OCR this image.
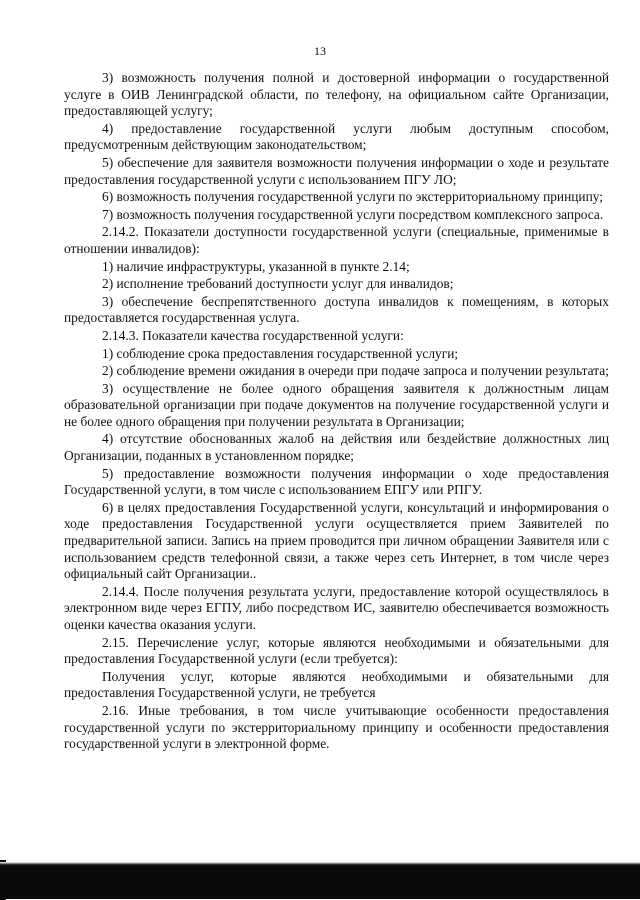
13

3) возможность получения полной и достоверной информации о государственной услуге в ОИВ Ленинградской области, по телефону, на официальном сайте Организации, предоставляющей услугу;

4) предоставление государственной услуги любым доступным способом, предусмотренным действующим законодательством;

5) обеспечение для заявителя возможности получения информации о ходе и результате предоставления государственной услуги с использованием ПГУ ЛО;

6) возможность получения государственной услуги по экстерриториальному принципу;

7) возможность получения государственной услуги посредством комплексного запроса.

2.14.2. Показатели доступности государственной услуги (специальные, применимые в отношении инвалидов):

1) наличие инфраструктуры, указанной в пункте 2.14;

2) исполнение требований доступности услуг для инвалидов;

3) обеспечение беспрепятственного доступа инвалидов к помещениям, в которых предоставляется государственная услуга.

2.14.3. Показатели качества государственной услуги:

1) соблюдение срока предоставления государственной услуги;

2) соблюдение времени ожидания в очереди при подаче запроса и получении результата;

3) осуществление не более одного обращения заявителя к должностным лицам образовательной организации при подаче документов на получение государственной услуги и не более одного обращения при получении результата в Организации;

4) отсутствие обоснованных жалоб на действия или бездействие должностных лиц Организации, поданных в установленном порядке;

5) предоставление возможности получения информации о ходе предоставления Государственной услуги, в том числе с использованием ЕПГУ или РПГУ.

6) в целях предоставления Государственной услуги, консультаций и информирования о ходе предоставления Государственной услуги осуществляется прием Заявителей по предварительной записи. Запись на прием проводится при личном обращении Заявителя или с использованием средств телефонной связи, а также через сеть Интернет, в том числе через официальный сайт Организации..

2.14.4. После получения результата услуги, предоставление которой осуществлялось в электронном виде через ЕГПУ, либо посредством ИС, заявителю обеспечивается возможность оценки качества оказания услуги.

2.15. Перечисление услуг, которые являются необходимыми и обязательными для предоставления Государственной услуги (если требуется):

Получения услуг, которые являются необходимыми и обязательными для предоставления Государственной услуги, не требуется

2.16. Иные требования, в том числе учитывающие особенности предоставления государственной услуги по экстерриториальному принципу и особенности предоставления государственной услуги в электронной форме.
